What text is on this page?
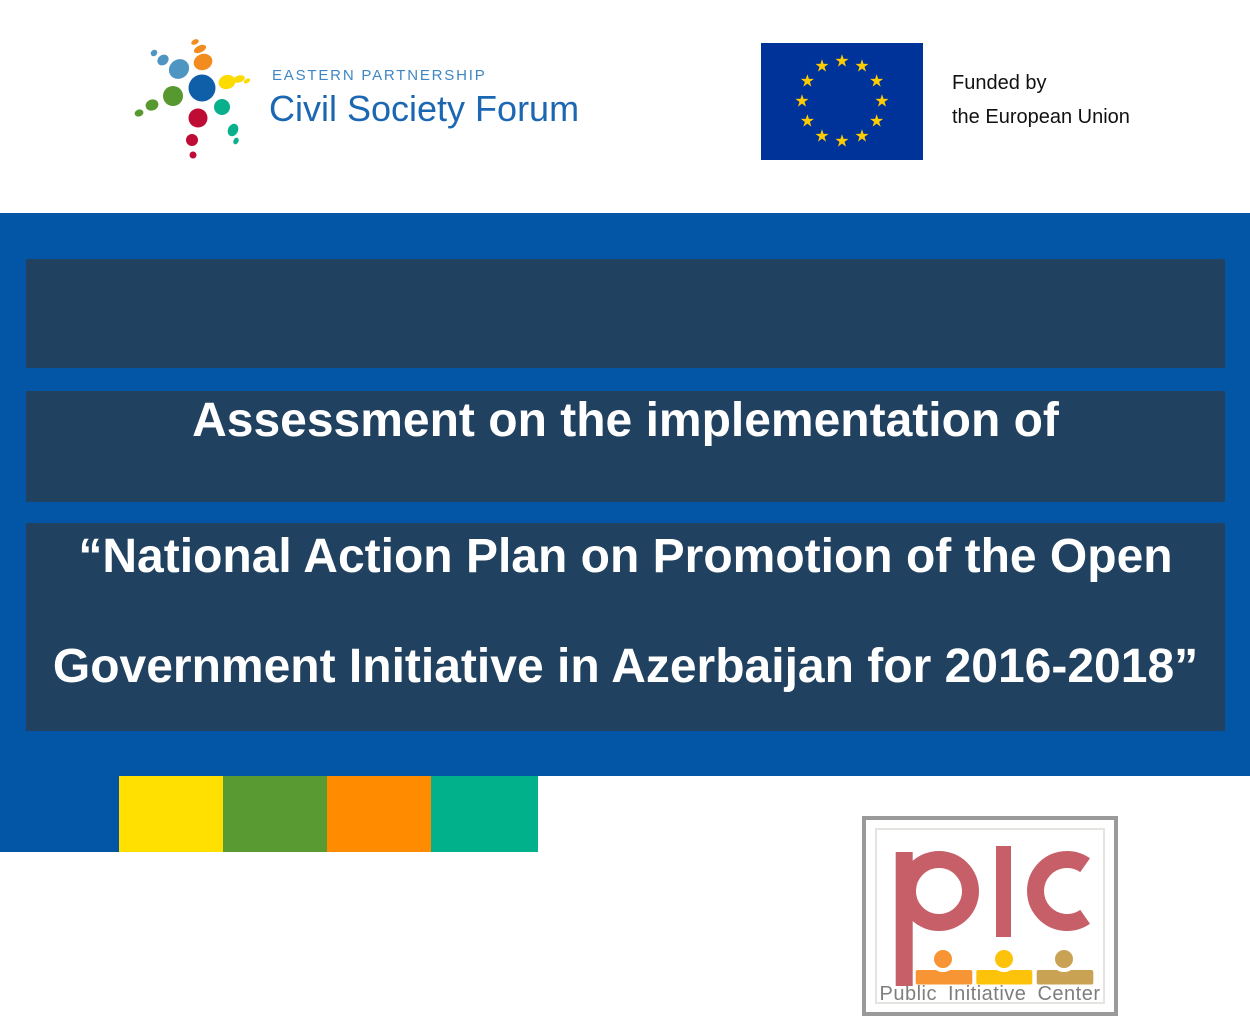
EASTERN PARTNERSHIP
Civil Society Forum
★ ★
★
★
★
★
★
★
★
★
★
★
Funded by
the European Union
Assessment on the implementation of
“National Action Plan on Promotion of the Open
Government Initiative in Azerbaijan for 2016-2018”
Public Initiative Center
